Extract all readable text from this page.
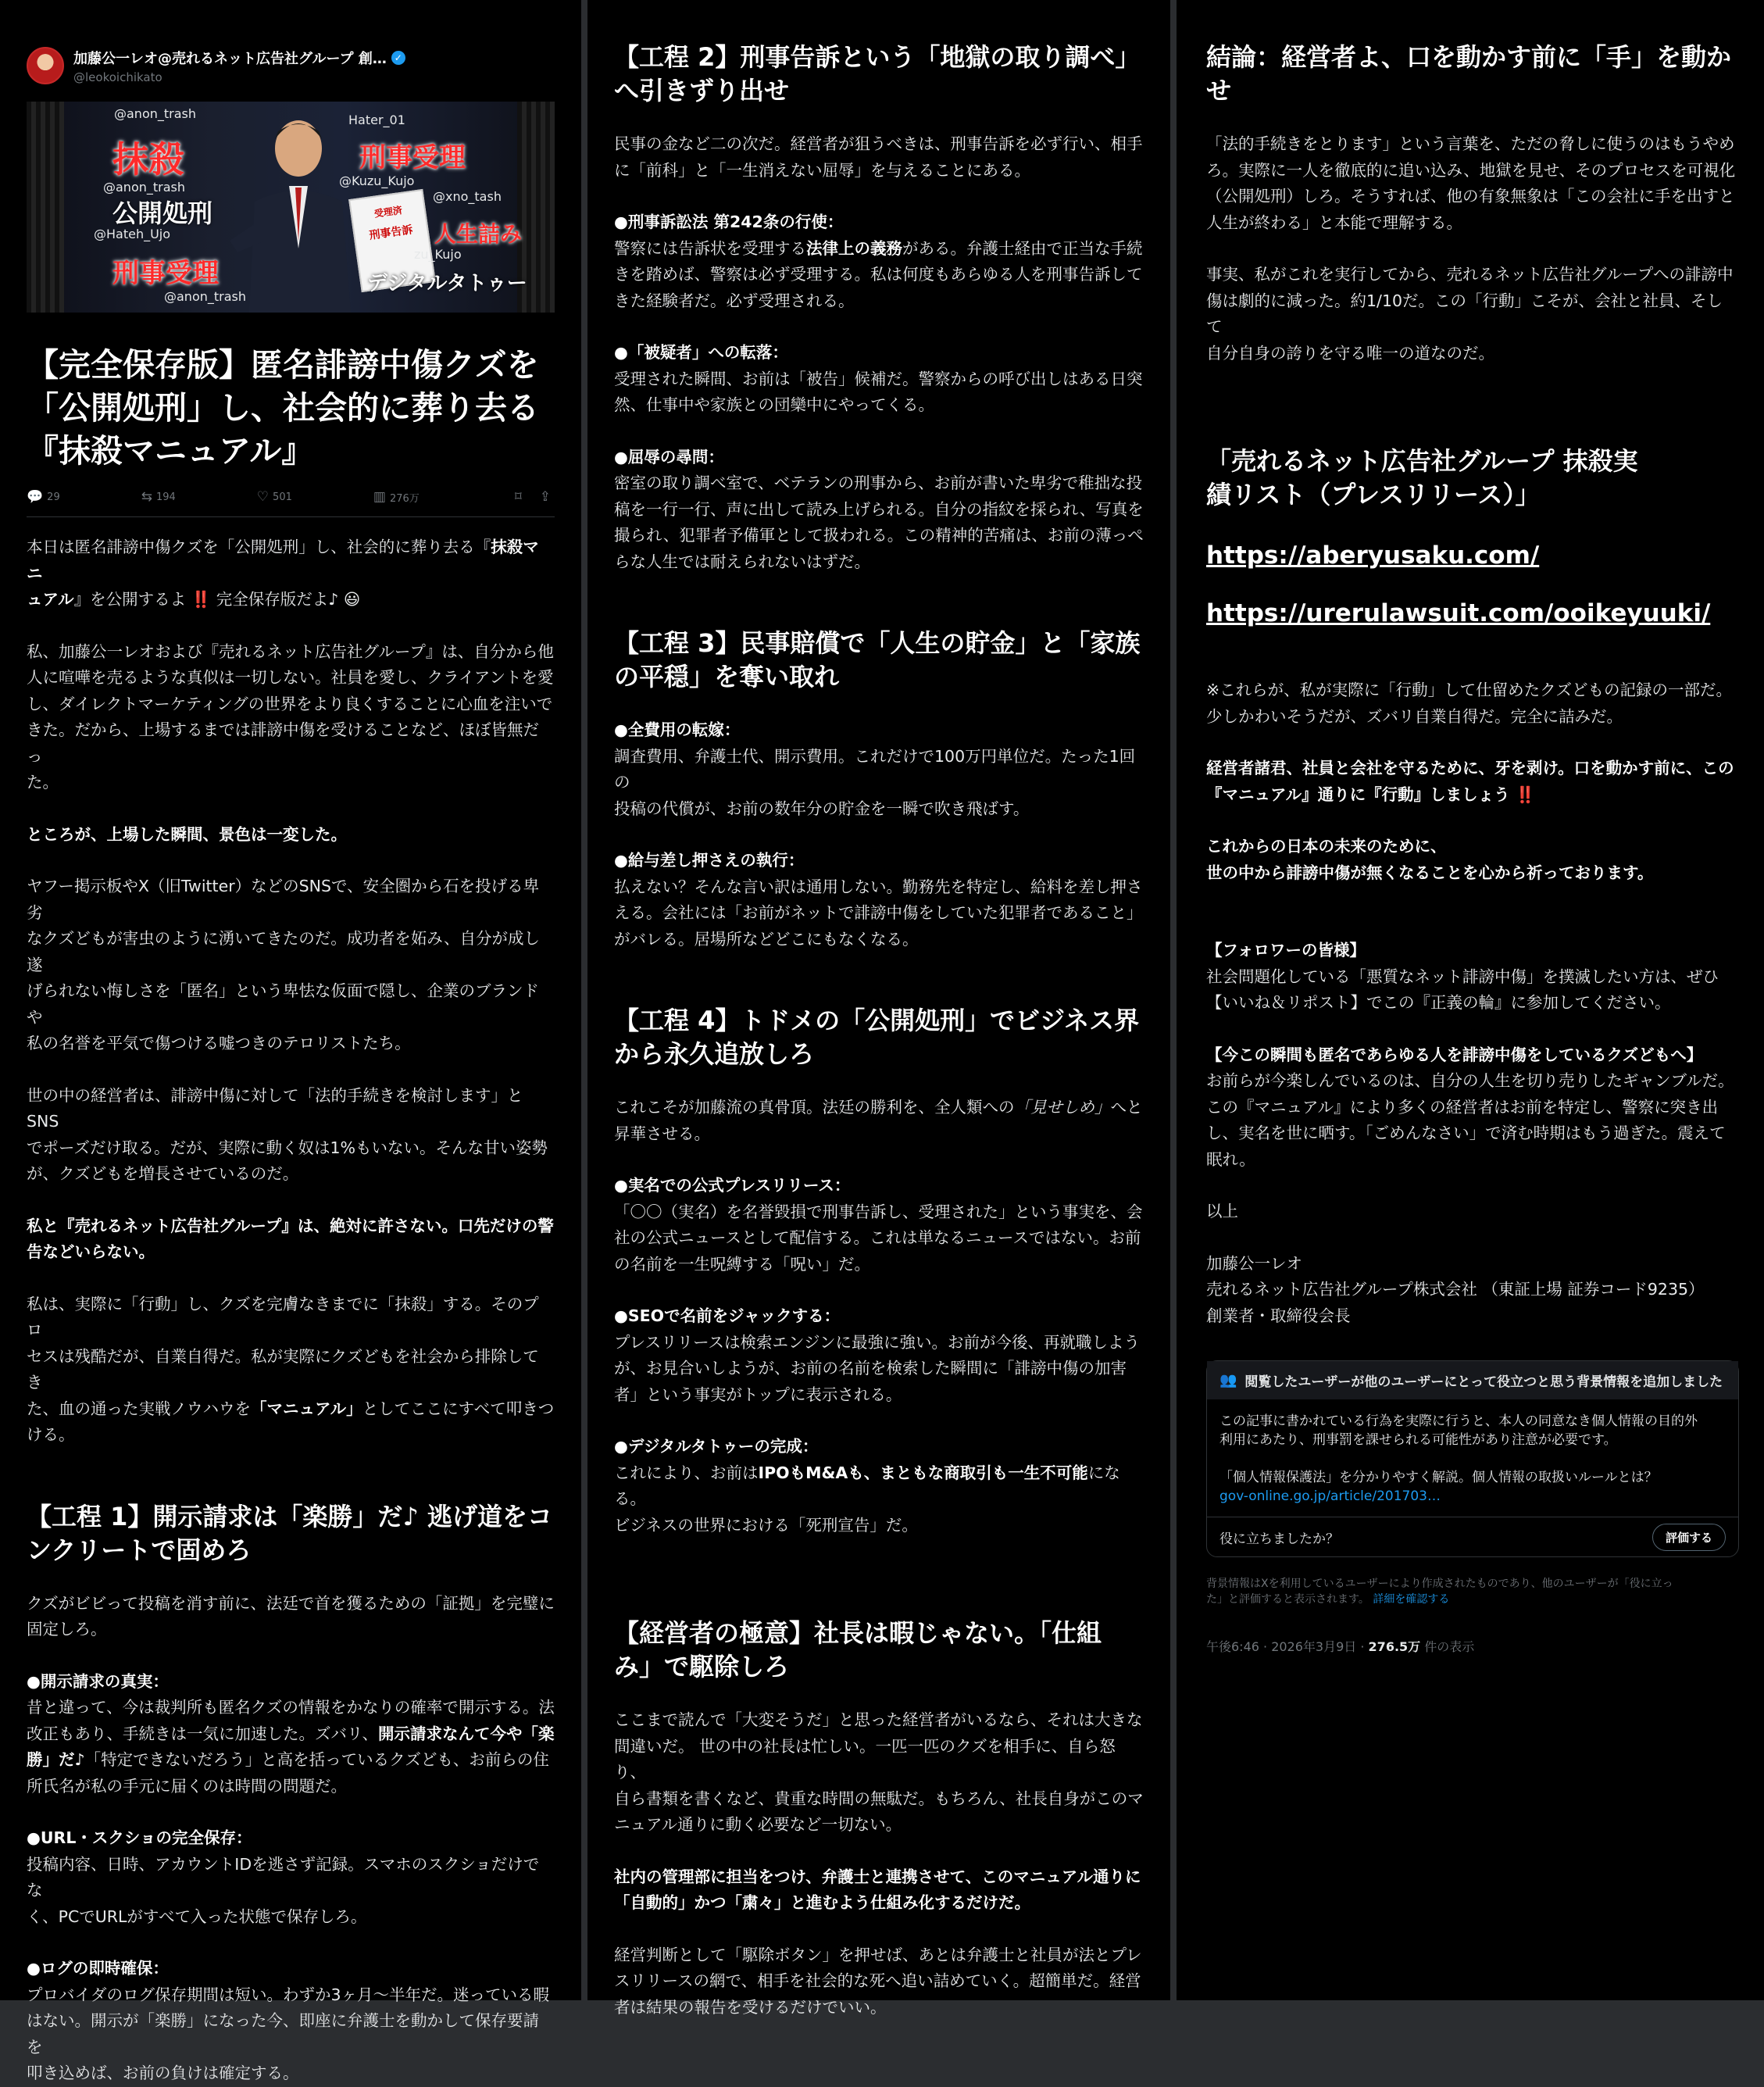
加藤公一レオ@売れるネット広告社グループ 創… ✓
@leokoichikato
受理済
刑事告訴
@anon_trash
抹殺
Hater_01
刑事受理
@anon_trash	@Kuzu_Kujo
公開処刑
@xno_tash
@Hateh_Ujo	人生詰み
zu_Kujo
刑事受理	デジタルタトゥー
@anon_trash

【完全保存版】匿名誹謗中傷クズを
「公開処刑」し、社会的に葬り去る
『抹殺マニュアル』

💬 29	⇆ 194	♡ 501	▥ 276万	⌑ ⇪

本日は匿名誹謗中傷クズを「公開処刑」し、社会的に葬り去る『抹殺マニ
ュアル』を公開するよ ‼️ 完全保存版だよ♪ 😃

私、加藤公一レオおよび『売れるネット広告社グループ』は、自分から他
人に喧嘩を売るような真似は一切しない。社員を愛し、クライアントを愛
し、ダイレクトマーケティングの世界をより良くすることに心血を注いで
きた。だから、上場するまでは誹謗中傷を受けることなど、ほぼ皆無だっ
た。

ところが、上場した瞬間、景色は一変した。

ヤフー掲示板やX（旧Twitter）などのSNSで、安全圏から石を投げる卑劣
なクズどもが害虫のように湧いてきたのだ。成功者を妬み、自分が成し遂
げられない悔しさを「匿名」という卑怯な仮面で隠し、企業のブランドや
私の名誉を平気で傷つける嘘つきのテロリストたち。

世の中の経営者は、誹謗中傷に対して「法的手続きを検討します」とSNS
でポーズだけ取る。だが、実際に動く奴は1%もいない。そんな甘い姿勢
が、クズどもを増長させているのだ。

私と『売れるネット広告社グループ』は、絶対に許さない。口先だけの警
告などいらない。

私は、実際に「行動」し、クズを完膚なきまでに「抹殺」する。そのプロ
セスは残酷だが、自業自得だ。私が実際にクズどもを社会から排除してき
た、血の通った実戦ノウハウを「マニュアル」としてここにすべて叩きつ
ける。

【工程 1】開示請求は「楽勝」だ♪ 逃げ道をコ
ンクリートで固めろ

クズがビビって投稿を消す前に、法廷で首を獲るための「証拠」を完璧に
固定しろ。

●開示請求の真実：
昔と違って、今は裁判所も匿名クズの情報をかなりの確率で開示する。法
改正もあり、手続きは一気に加速した。ズバリ、開示請求なんて今や「楽
勝」だ♪「特定できないだろう」と高を括っているクズども、お前らの住
所氏名が私の手元に届くのは時間の問題だ。

●URL・スクショの完全保存：
投稿内容、日時、アカウントIDを逃さず記録。スマホのスクショだけでな
く、PCでURLがすべて入った状態で保存しろ。

●ログの即時確保：
プロバイダのログ保存期間は短い。わずか3ヶ月〜半年だ。迷っている暇
はない。開示が「楽勝」になった今、即座に弁護士を動かして保存要請を
叩き込めば、お前の負けは確定する。

【工程 2】刑事告訴という「地獄の取り調べ」
へ引きずり出せ

民事の金など二の次だ。経営者が狙うべきは、刑事告訴を必ず行い、相手
に「前科」と「一生消えない屈辱」を与えることにある。

●刑事訴訟法 第242条の行使：
警察には告訴状を受理する法律上の義務がある。弁護士経由で正当な手続
きを踏めば、警察は必ず受理する。私は何度もあらゆる人を刑事告訴して
きた経験者だ。必ず受理される。

●「被疑者」への転落：
受理された瞬間、お前は「被告」候補だ。警察からの呼び出しはある日突
然、仕事中や家族との団欒中にやってくる。

●屈辱の尋問：
密室の取り調べ室で、ベテランの刑事から、お前が書いた卑劣で稚拙な投
稿を一行一行、声に出して読み上げられる。自分の指紋を採られ、写真を
撮られ、犯罪者予備軍として扱われる。この精神的苦痛は、お前の薄っぺ
らな人生では耐えられないはずだ。

【工程 3】民事賠償で「人生の貯金」と「家族
の平穏」を奪い取れ

●全費用の転嫁：
調査費用、弁護士代、開示費用。これだけで100万円単位だ。たった1回の
投稿の代償が、お前の数年分の貯金を一瞬で吹き飛ばす。

●給与差し押さえの執行：
払えない？そんな言い訳は通用しない。勤務先を特定し、給料を差し押さ
える。会社には「お前がネットで誹謗中傷をしていた犯罪者であること」
がバレる。居場所などどこにもなくなる。

【工程 4】トドメの「公開処刑」でビジネス界
から永久追放しろ

これこそが加藤流の真骨頂。法廷の勝利を、全人類への「見せしめ」へと
昇華させる。

●実名での公式プレスリリース：
「〇〇（実名）を名誉毀損で刑事告訴し、受理された」という事実を、会
社の公式ニュースとして配信する。これは単なるニュースではない。お前
の名前を一生呪縛する「呪い」だ。

●SEOで名前をジャックする：
プレスリリースは検索エンジンに最強に強い。お前が今後、再就職しよう
が、お見合いしようが、お前の名前を検索した瞬間に「誹謗中傷の加害
者」という事実がトップに表示される。

●デジタルタトゥーの完成：
これにより、お前はIPOもM&Aも、まともな商取引も一生不可能になる。
ビジネスの世界における「死刑宣告」だ。

【経営者の極意】社長は暇じゃない。「仕組
み」で駆除しろ

ここまで読んで「大変そうだ」と思った経営者がいるなら、それは大きな
間違いだ。 世の中の社長は忙しい。一匹一匹のクズを相手に、自ら怒り、
自ら書類を書くなど、貴重な時間の無駄だ。もちろん、社長自身がこのマ
ニュアル通りに動く必要など一切ない。

社内の管理部に担当をつけ、弁護士と連携させて、このマニュアル通りに
「自動的」かつ「粛々」と進むよう仕組み化するだけだ。

経営判断として「駆除ボタン」を押せば、あとは弁護士と社員が法とプレ
スリリースの網で、相手を社会的な死へ追い詰めていく。超簡単だ。経営
者は結果の報告を受けるだけでいい。

結論：経営者よ、口を動かす前に「手」を動か
せ

「法的手続きをとります」という言葉を、ただの脅しに使うのはもうやめ
ろ。実際に一人を徹底的に追い込み、地獄を見せ、そのプロセスを可視化
（公開処刑）しろ。そうすれば、他の有象無象は「この会社に手を出すと
人生が終わる」と本能で理解する。

事実、私がこれを実行してから、売れるネット広告社グループへの誹謗中
傷は劇的に減った。約1/10だ。この「行動」こそが、会社と社員、そして
自分自身の誇りを守る唯一の道なのだ。

「売れるネット広告社グループ 抹殺実
績リスト（プレスリリース）」

https://aberyusaku.com/

https://urerulawsuit.com/ooikeyuuki/

※これらが、私が実際に「行動」して仕留めたクズどもの記録の一部だ。
少しかわいそうだが、ズバリ自業自得だ。完全に詰みだ。

経営者諸君、社員と会社を守るために、牙を剥け。口を動かす前に、この
『マニュアル』通りに『行動』しましょう ‼️

これからの日本の未来のために、
世の中から誹謗中傷が無くなることを心から祈っております。

【フォロワーの皆様】
社会問題化している「悪質なネット誹謗中傷」を撲滅したい方は、ぜひ
【いいね＆リポスト】でこの『正義の輪』に参加してください。

【今この瞬間も匿名であらゆる人を誹謗中傷をしているクズどもへ】
お前らが今楽しんでいるのは、自分の人生を切り売りしたギャンブルだ。
この『マニュアル』により多くの経営者はお前を特定し、警察に突き出
し、実名を世に晒す。「ごめんなさい」で済む時期はもう過ぎた。震えて
眠れ。

以上

加藤公一レオ
売れるネット広告社グループ株式会社 （東証上場 証券コード9235）
創業者・取締役会長

👥 閲覧したユーザーが他のユーザーにとって役立つと思う背景情報を追加しました
この記事に書かれている行為を実際に行うと、本人の同意なき個人情報の目的外
利用にあたり、刑事罰を課せられる可能性があり注意が必要です。
「個人情報保護法」を分かりやすく解説。個人情報の取扱いルールとは？
gov-online.go.jp/article/201703…
役に立ちましたか？	評価する

背景情報はXを利用しているユーザーにより作成されたものであり、他のユーザーが「役に立っ
た」と評価すると表示されます。 詳細を確認する

午後6:46 · 2026年3月9日 · 276.5万 件の表示
